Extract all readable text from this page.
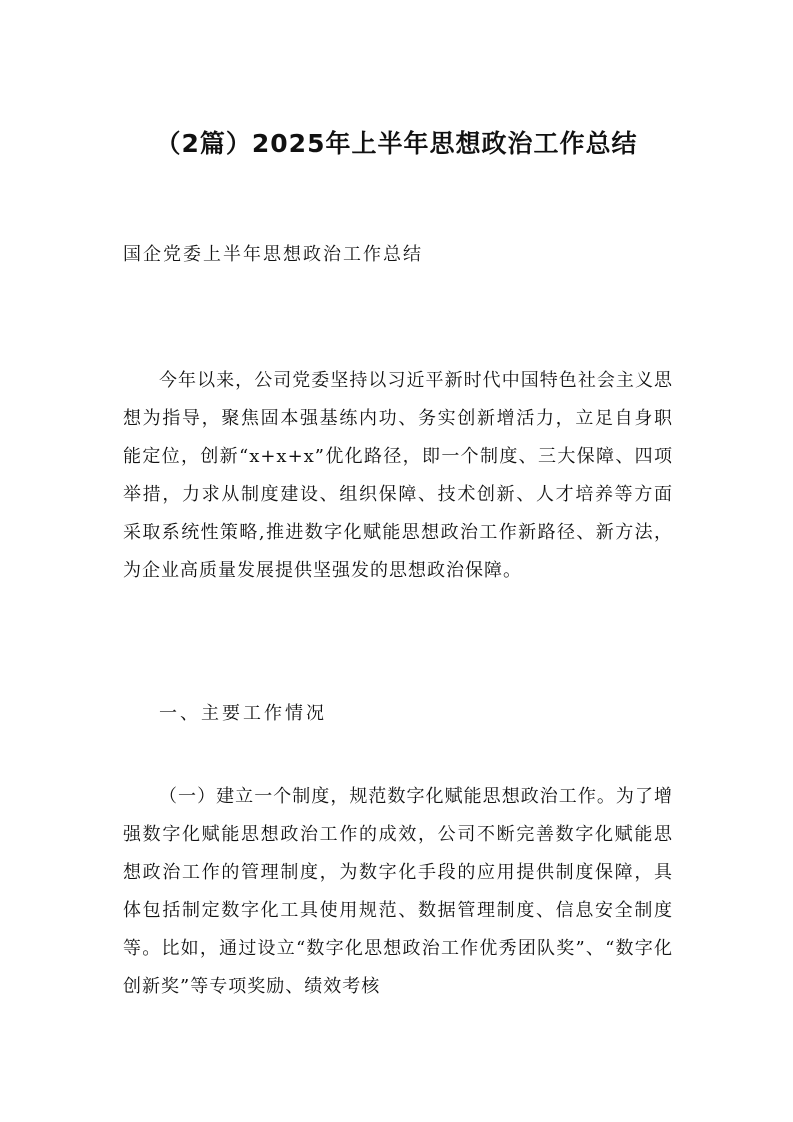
（2篇）2025年上半年思想政治工作总结

国企党委上半年思想政治工作总结

今年以来，公司党委坚持以习近平新时代中国特色社会主义思想为指导，聚焦固本强基练内功、务实创新增活力，立足自身职能定位，创新“x+x+x”优化路径，即一个制度、三大保障、四项举措，力求从制度建设、组织保障、技术创新、人才培养等方面采取系统性策略,推进数字化赋能思想政治工作新路径、新方法，为企业高质量发展提供坚强发的思想政治保障。

一、主要工作情况

（一）建立一个制度，规范数字化赋能思想政治工作。为了增强数字化赋能思想政治工作的成效，公司不断完善数字化赋能思想政治工作的管理制度，为数字化手段的应用提供制度保障，具体包括制定数字化工具使用规范、数据管理制度、信息安全制度等。比如，通过设立“数字化思想政治工作优秀团队奖”、“数字化创新奖”等专项奖励、绩效考核
